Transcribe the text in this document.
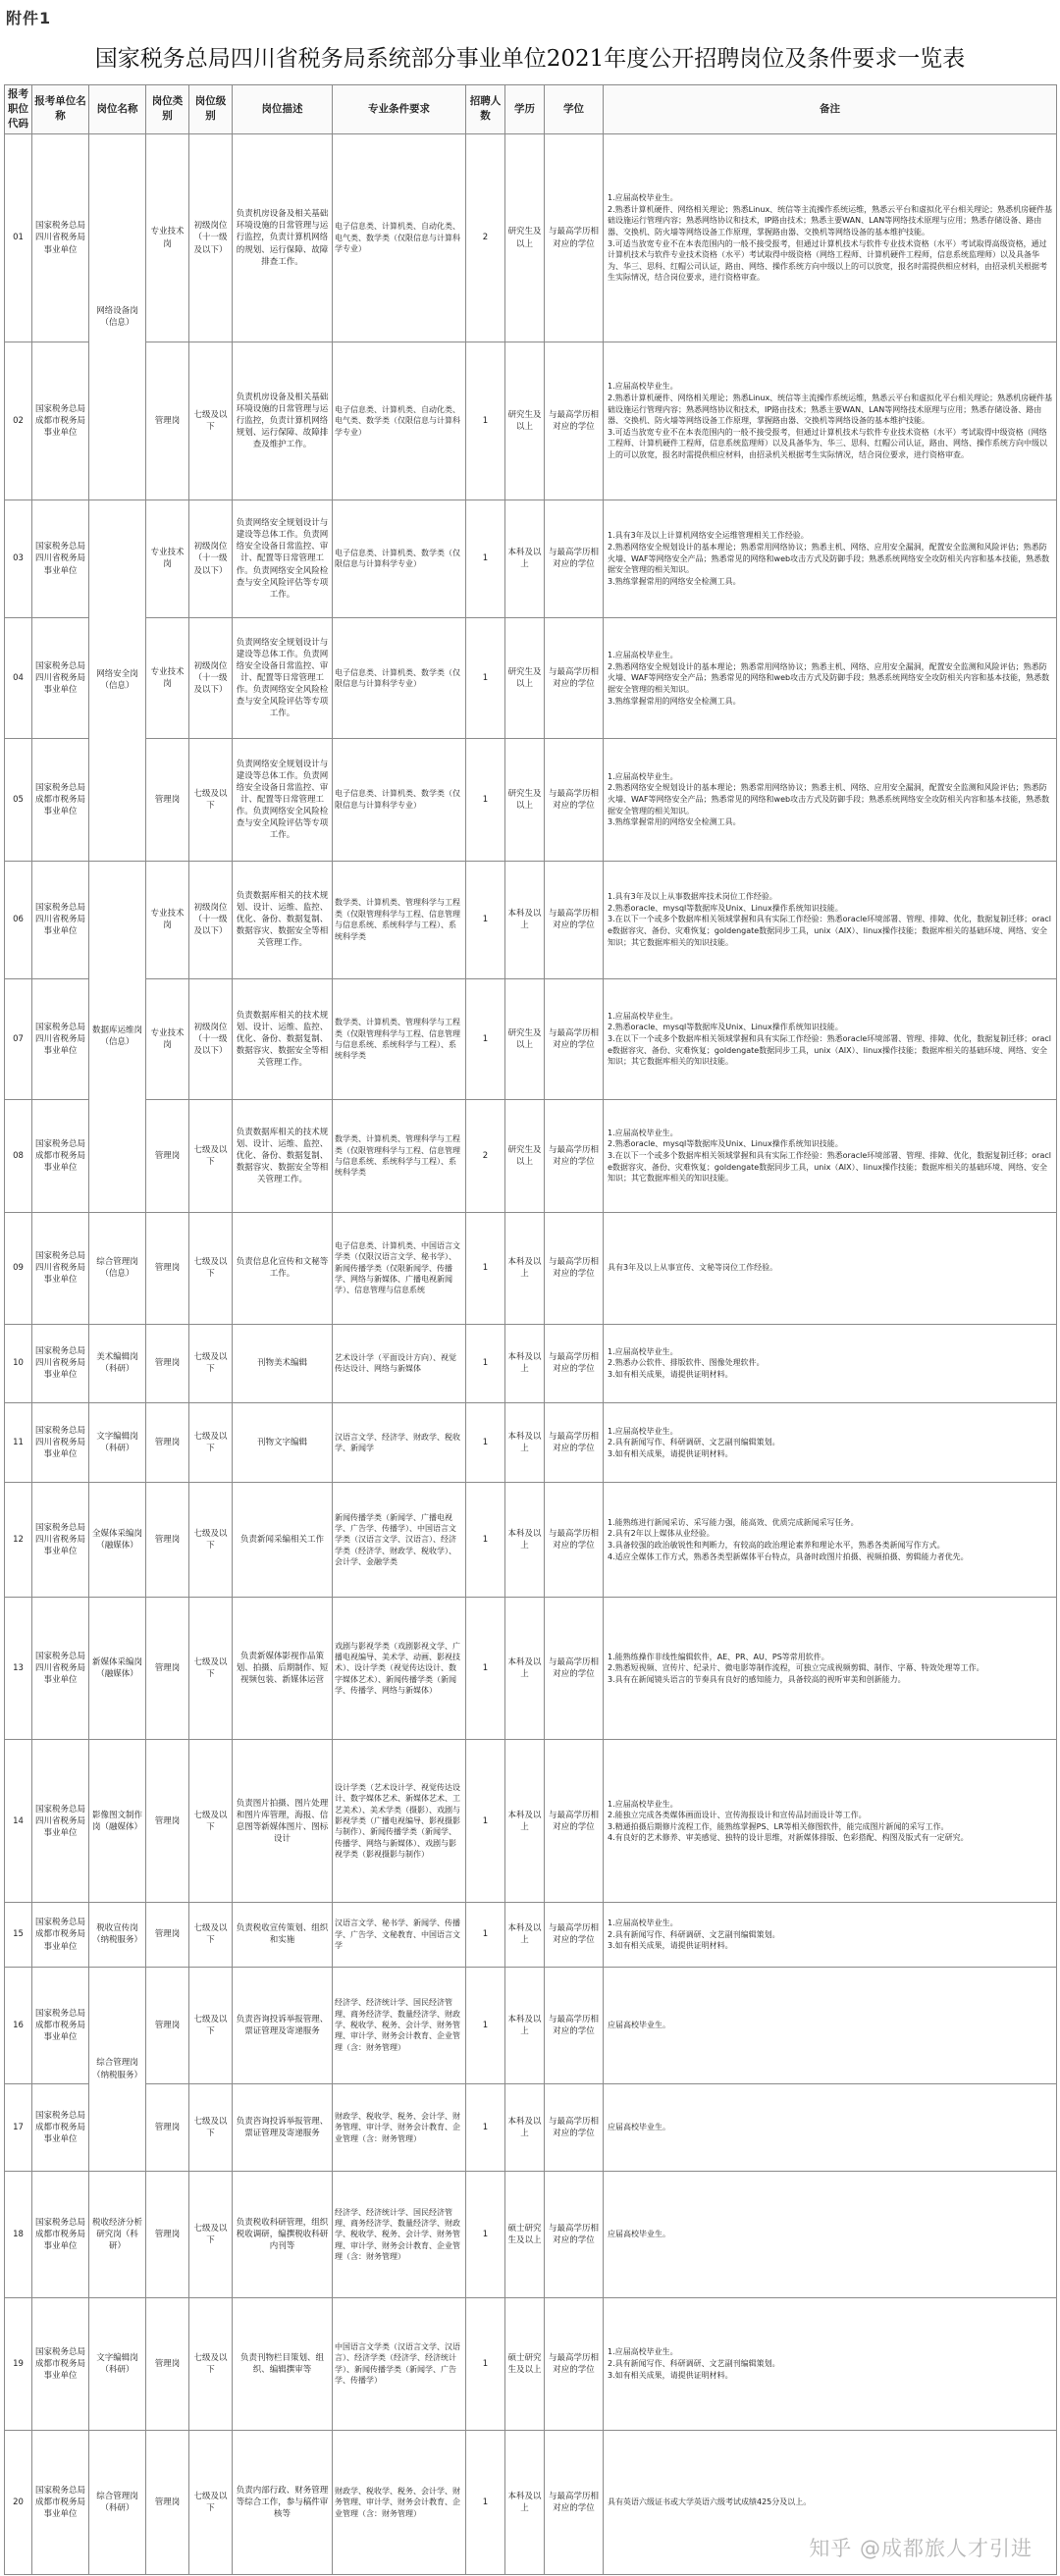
附件1
国家税务总局四川省税务局系统部分事业单位2021年度公开招聘岗位及条件要求一览表
报考职位代码	报考单位名称	岗位名称	岗位类别	岗位级别	岗位描述	专业条件要求	招聘人数	学历	学位	备注
01	国家税务总局四川省税务局事业单位	网络设备岗（信息）	专业技术岗	初级岗位（十一级及以下）	负责机房设备及相关基础环境设施的日常管理与运行监控，负责计算机网络的规划、运行保障、故障排查工作。	电子信息类、计算机类、自动化类、电气类、数学类（仅限信息与计算科学专业）	2	研究生及以上	与最高学历相对应的学位	1.应届高校毕业生。
2.熟悉计算机硬件、网络相关理论；熟悉Linux、统信等主流操作系统运维，熟悉云平台和虚拟化平台相关理论；熟悉机房硬件基础设施运行管理内容；熟悉网络协议和技术，IP路由技术；熟悉主要WAN、LAN等网络技术原理与应用；熟悉存储设备、路由器、交换机、防火墙等网络设备工作原理，掌握路由器、交换机等网络设备的基本维护技能。
3.可适当放宽专业不在本表范围内的一般不接受报考，但通过计算机技术与软件专业技术资格（水平）考试取得高级资格，通过计算机技术与软件专业技术资格（水平）考试取得中级资格（网络工程师、计算机硬件工程师，信息系统监理师）以及具备华为、华三、思科、红帽公司认证，路由、网络、操作系统方向中级以上的可以放宽，报名时需提供相应材料，由招录机关根据考生实际情况，结合岗位要求，进行资格审查。
02	国家税务总局成都市税务局事业单位		管理岗	七级及以下	负责机房设备及相关基础环境设施的日常管理与运行监控，负责计算机网络规划、运行保障、故障排查及维护工作。	电子信息类、计算机类、自动化类、电气类、数学类（仅限信息与计算科学专业）	1	研究生及以上	与最高学历相对应的学位	1.应届高校毕业生。
2.熟悉计算机硬件、网络相关理论；熟悉Linux、统信等主流操作系统运维，熟悉云平台和虚拟化平台相关理论；熟悉机房硬件基础设施运行管理内容；熟悉网络协议和技术，IP路由技术；熟悉主要WAN、LAN等网络技术原理与应用；熟悉存储设备、路由器、交换机、防火墙等网络设备工作原理，掌握路由器、交换机等网络设备的基本维护技能。
3.可适当放宽专业不在本表范围内的一般不接受报考，但通过计算机技术与软件专业技术资格（水平）考试取得中级资格（网络工程师、计算机硬件工程师，信息系统监理师）以及具备华为、华三、思科、红帽公司认证，路由、网络、操作系统方向中级以上的可以放宽，报名时需提供相应材料，由招录机关根据考生实际情况，结合岗位要求，进行资格审查。
03	国家税务总局四川省税务局事业单位	网络安全岗（信息）	专业技术岗	初级岗位（十一级及以下）	负责网络安全规划设计与建设等总体工作。负责网络安全设备日常监控、审计、配置等日常管理工作。负责网络安全风险检查与安全风险评估等专项工作。	电子信息类、计算机类、数学类（仅限信息与计算科学专业）	1	本科及以上	与最高学历相对应的学位	1.具有3年及以上计算机网络安全运维管理相关工作经验。
2.熟悉网络安全规划设计的基本理论；熟悉常用网络协议；熟悉主机、网络、应用安全漏洞，配置安全监测和风险评估；熟悉防火墙、WAF等网络安全产品；熟悉常见的网络和web攻击方式及防御手段；熟悉系统网络安全攻防相关内容和基本技能，熟悉数据安全管理的相关知识。
3.熟练掌握常用的网络安全检测工具。
04	国家税务总局四川省税务局事业单位		专业技术岗	初级岗位（十一级及以下）	负责网络安全规划设计与建设等总体工作。负责网络安全设备日常监控、审计、配置等日常管理工作。负责网络安全风险检查与安全风险评估等专项工作。	电子信息类、计算机类、数学类（仅限信息与计算科学专业）	1	研究生及以上	与最高学历相对应的学位	1.应届高校毕业生。
2.熟悉网络安全规划设计的基本理论；熟悉常用网络协议；熟悉主机、网络、应用安全漏洞，配置安全监测和风险评估；熟悉防火墙、WAF等网络安全产品；熟悉常见的网络和web攻击方式及防御手段；熟悉系统网络安全攻防相关内容和基本技能，熟悉数据安全管理的相关知识。
3.熟练掌握常用的网络安全检测工具。
05	国家税务总局成都市税务局事业单位		管理岗	七级及以下	负责网络安全规划设计与建设等总体工作。负责网络安全设备日常监控、审计、配置等日常管理工作。负责网络安全风险检查与安全风险评估等专项工作。	电子信息类、计算机类、数学类（仅限信息与计算科学专业）	1	研究生及以上	与最高学历相对应的学位	1.应届高校毕业生。
2.熟悉网络安全规划设计的基本理论；熟悉常用网络协议；熟悉主机、网络、应用安全漏洞，配置安全监测和风险评估；熟悉防火墙、WAF等网络安全产品；熟悉常见的网络和web攻击方式及防御手段；熟悉系统网络安全攻防相关内容和基本技能，熟悉数据安全管理的相关知识。
3.熟练掌握常用的网络安全检测工具。
06	国家税务总局四川省税务局事业单位	数据库运维岗（信息）	专业技术岗	初级岗位（十一级及以下）	负责数据库相关的技术规划、设计、运维、监控、优化、备份、数据复制、数据容灾、数据安全等相关管理工作。	数学类、计算机类、管理科学与工程类（仅限管理科学与工程、信息管理与信息系统、系统科学与工程）、系统科学类	1	本科及以上	与最高学历相对应的学位	1.具有3年及以上从事数据库技术岗位工作经验。
2.熟悉oracle、mysql等数据库及Unix、Linux操作系统知识技能。
3.在以下一个或多个数据库相关领域掌握和具有实际工作经验：熟悉oracle环境部署、管理、排障、优化，数据复制迁移；oracle数据容灾、备份、灾难恢复；goldengate数据同步工具，unix（AIX）、linux操作技能；数据库相关的基础环境、网络、安全知识；其它数据库相关的知识技能。
07	国家税务总局四川省税务局事业单位		专业技术岗	初级岗位（十一级及以下）	负责数据库相关的技术规划、设计、运维、监控、优化、备份、数据复制、数据容灾、数据安全等相关管理工作。	数学类、计算机类、管理科学与工程类（仅限管理科学与工程、信息管理与信息系统、系统科学与工程）、系统科学类	1	研究生及以上	与最高学历相对应的学位	1.应届高校毕业生。
2.熟悉oracle、mysql等数据库及Unix、Linux操作系统知识技能。
3.在以下一个或多个数据库相关领域掌握和具有实际工作经验：熟悉oracle环境部署、管理、排障、优化，数据复制迁移；oracle数据容灾、备份、灾难恢复；goldengate数据同步工具，unix（AIX）、linux操作技能；数据库相关的基础环境、网络、安全知识；其它数据库相关的知识技能。
08	国家税务总局成都市税务局事业单位		管理岗	七级及以下	负责数据库相关的技术规划、设计、运维、监控、优化、备份、数据复制、数据容灾、数据安全等相关管理工作。	数学类、计算机类、管理科学与工程类（仅限管理科学与工程、信息管理与信息系统、系统科学与工程）、系统科学类	2	研究生及以上	与最高学历相对应的学位	1.应届高校毕业生。
2.熟悉oracle、mysql等数据库及Unix、Linux操作系统知识技能。
3.在以下一个或多个数据库相关领域掌握和具有实际工作经验：熟悉oracle环境部署、管理、排障、优化，数据复制迁移；oracle数据容灾、备份、灾难恢复；goldengate数据同步工具，unix（AIX）、linux操作技能；数据库相关的基础环境、网络、安全知识；其它数据库相关的知识技能。
09	国家税务总局四川省税务局事业单位	综合管理岗（信息）	管理岗	七级及以下	负责信息化宣传和文秘等工作。	电子信息类、计算机类、中国语言文学类（仅限汉语言文学、秘书学）、新闻传播学类（仅限新闻学、传播学、网络与新媒体、广播电视新闻学）、信息管理与信息系统	1	本科及以上	与最高学历相对应的学位	具有3年及以上从事宣传、文秘等岗位工作经验。
10	国家税务总局四川省税务局事业单位	美术编辑岗（科研）	管理岗	七级及以下	刊物美术编辑	艺术设计学（平面设计方向）、视觉传达设计、网络与新媒体	1	本科及以上	与最高学历相对应的学位	1.应届高校毕业生。
2.熟悉办公软件、排版软件、图像处理软件。
3.如有相关成果，请提供证明材料。
11	国家税务总局四川省税务局事业单位	文字编辑岗（科研）	管理岗	七级及以下	刊物文字编辑	汉语言文学、经济学、财政学、税收学、新闻学	1	本科及以上	与最高学历相对应的学位	1.应届高校毕业生。
2.具有新闻写作、科研调研、文艺副刊编辑策划。
3.如有相关成果，请提供证明材料。
12	国家税务总局四川省税务局事业单位	全媒体采编岗（融媒体）	管理岗	七级及以下	负责新闻采编相关工作	新闻传播学类（新闻学、广播电视学、广告学、传播学）、中国语言文学类（汉语言文学、汉语言）、经济学类（经济学、财政学、税收学）、会计学、金融学类	1	本科及以上	与最高学历相对应的学位	1.能熟练进行新闻采访、采写能力强，能高效、优质完成新闻采写任务。
2.具有2年以上媒体从业经验。
3.具备较强的政治敏锐性和判断力，有较高的政治理论素养和理论水平，熟悉各类新闻写作方式。
4.适应全媒体工作方式，熟悉各类型新媒体平台特点，具备时政图片拍摄、视频拍摄、剪辑能力者优先。
13	国家税务总局四川省税务局事业单位	新媒体采编岗（融媒体）	管理岗	七级及以下	负责新媒体影视作品策划、拍摄、后期制作、短视频包装、新媒体运营	戏剧与影视学类（戏剧影视文学、广播电视编导、美术学、动画、影视技术）、设计学类（视觉传达设计、数字媒体艺术）、新闻传播学类（新闻学、传播学、网络与新媒体）	1	本科及以上	与最高学历相对应的学位	1.能熟练操作非线性编辑软件，AE、PR、AU、PS等常用软件。
2.熟悉短视频、宣传片、纪录片、微电影等制作流程，可独立完成视频剪辑、制作、字幕、特效处理等工作。
3.具有在新闻镜头语言的节奏具有良好的感知能力，具备较高的视听审美和创新能力。
14	国家税务总局四川省税务局事业单位	影像图文制作岗（融媒体）	管理岗	七级及以下	负责图片拍摄、图片处理和图片库管理，海报、信息图等新媒体图片、图标设计	设计学类（艺术设计学、视觉传达设计、数字媒体艺术、新媒体艺术、工艺美术）、美术学类（摄影）、戏剧与影视学类（广播电视编导、影视摄影与制作）、新闻传播学类（新闻学、传播学、网络与新媒体）、戏剧与影视学类（影视摄影与制作）	1	本科及以上	与最高学历相对应的学位	1.应届高校毕业生。
2.能独立完成各类媒体画面设计、宣传海报设计和宣传品封面设计等工作。
3.精通拍摄后期修片流程工作，能熟练掌握PS、LR等相关修图软件，能完成图片新闻的采写工作。
4.有良好的艺术修养、审美感觉、独特的设计思维，对新媒体排版、色彩搭配、构图及版式有一定研究。
15	国家税务总局成都市税务局事业单位	税收宣传岗（纳税服务）	管理岗	七级及以下	负责税收宣传策划、组织和实施	汉语言文学、秘书学、新闻学、传播学、广告学、文秘教育、中国语言文学	1	本科及以上	与最高学历相对应的学位	1.应届高校毕业生。
2.具有新闻写作、科研调研、文艺副刊编辑策划。
3.如有相关成果，请提供证明材料。
16	国家税务总局成都市税务局事业单位	综合管理岗（纳税服务）	管理岗	七级及以下	负责咨询投诉举报管理、票证管理及寄递服务	经济学、经济统计学、国民经济管理、商务经济学、数量经济学、财政学、税收学、税务、会计学、财务管理、审计学、财务会计教育、企业管理（含：财务管理）	1	本科及以上	与最高学历相对应的学位	应届高校毕业生。
17	国家税务总局成都市税务局事业单位		管理岗	七级及以下	负责咨询投诉举报管理、票证管理及寄递服务	财政学、税收学、税务、会计学、财务管理、审计学、财务会计教育、企业管理（含：财务管理）	1	本科及以上	与最高学历相对应的学位	应届高校毕业生。
18	国家税务总局成都市税务局事业单位	税收经济分析研究岗（科研）	管理岗	七级及以下	负责税收科研管理，组织税收调研，编撰税收科研内刊等	经济学、经济统计学、国民经济管理、商务经济学、数量经济学、财政学、税收学、税务、会计学、财务管理、审计学、财务会计教育、企业管理（含：财务管理）	1	硕士研究生及以上	与最高学历相对应的学位	应届高校毕业生。
19	国家税务总局成都市税务局事业单位	文字编辑岗（科研）	管理岗	七级及以下	负责刊物栏目策划、组织、编辑撰审等	中国语言文学类（汉语言文学、汉语言）、经济学类（经济学、经济统计学）、新闻传播学类（新闻学、广告学、传播学）	1	硕士研究生及以上	与最高学历相对应的学位	1.应届高校毕业生。
2.具有新闻写作、科研调研、文艺副刊编辑策划。
3.如有相关成果，请提供证明材料。
20	国家税务总局成都市税务局事业单位	综合管理岗（科研）	管理岗	七级及以下	负责内部行政、财务管理等综合工作，参与稿件审核等	财政学、税收学、税务、会计学、财务管理、审计学、财务会计教育、企业管理（含：财务管理）	1	本科及以上	与最高学历相对应的学位	具有英语六级证书或大学英语六级考试成绩425分及以上。
知乎 @成都旅人才引进
